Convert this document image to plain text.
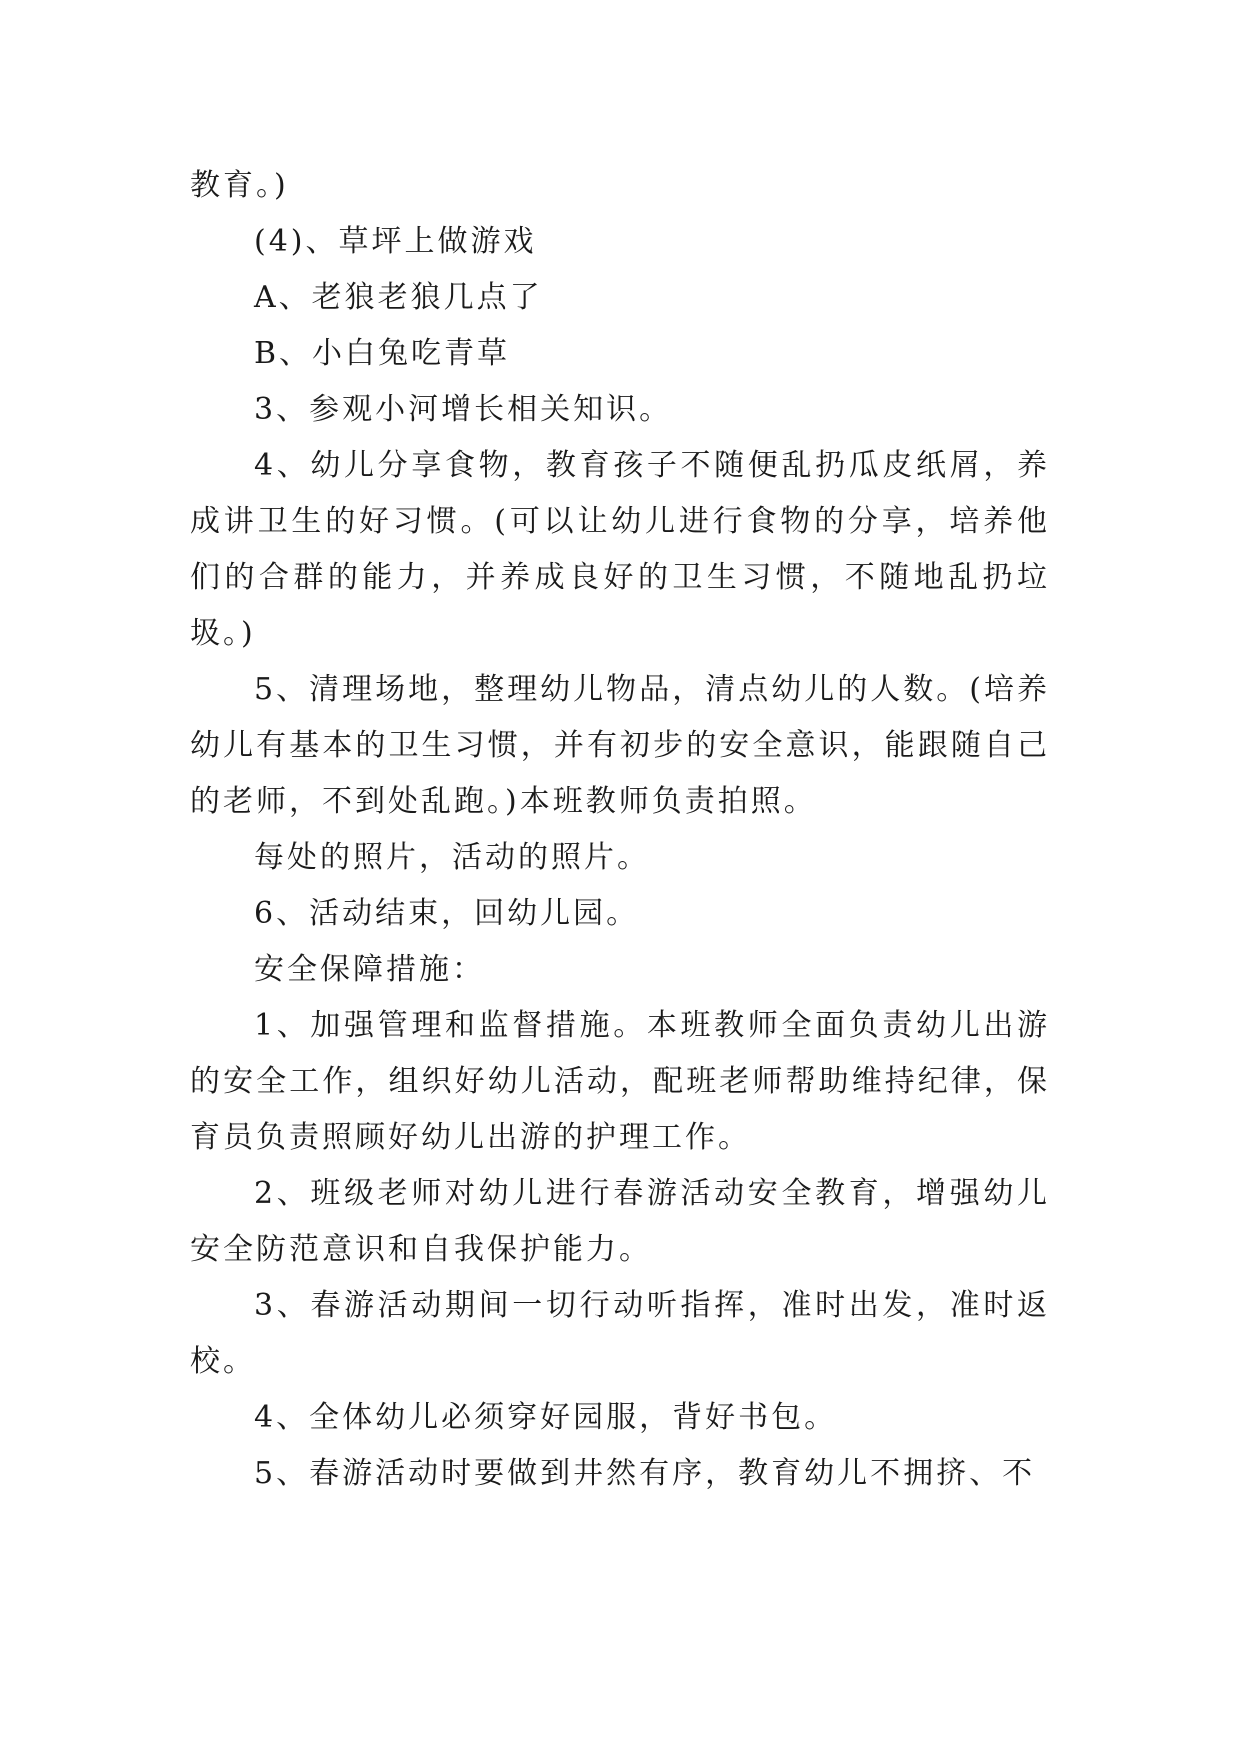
教育。)

(4)、草坪上做游戏

A、老狼老狼几点了

B、小白兔吃青草

3、参观小河增长相关知识。

4、幼儿分享食物，教育孩子不随便乱扔瓜皮纸屑，养成讲卫生的好习惯。(可以让幼儿进行食物的分享，培养他们的合群的能力，并养成良好的卫生习惯，不随地乱扔垃圾。)

5、清理场地，整理幼儿物品，清点幼儿的人数。(培养幼儿有基本的卫生习惯，并有初步的安全意识，能跟随自己的老师，不到处乱跑。)本班教师负责拍照。

每处的照片，活动的照片。

6、活动结束，回幼儿园。

安全保障措施：

1、加强管理和监督措施。本班教师全面负责幼儿出游的安全工作，组织好幼儿活动，配班老师帮助维持纪律，保育员负责照顾好幼儿出游的护理工作。

2、班级老师对幼儿进行春游活动安全教育，增强幼儿安全防范意识和自我保护能力。

3、春游活动期间一切行动听指挥，准时出发，准时返校。

4、全体幼儿必须穿好园服，背好书包。

5、春游活动时要做到井然有序，教育幼儿不拥挤、不
